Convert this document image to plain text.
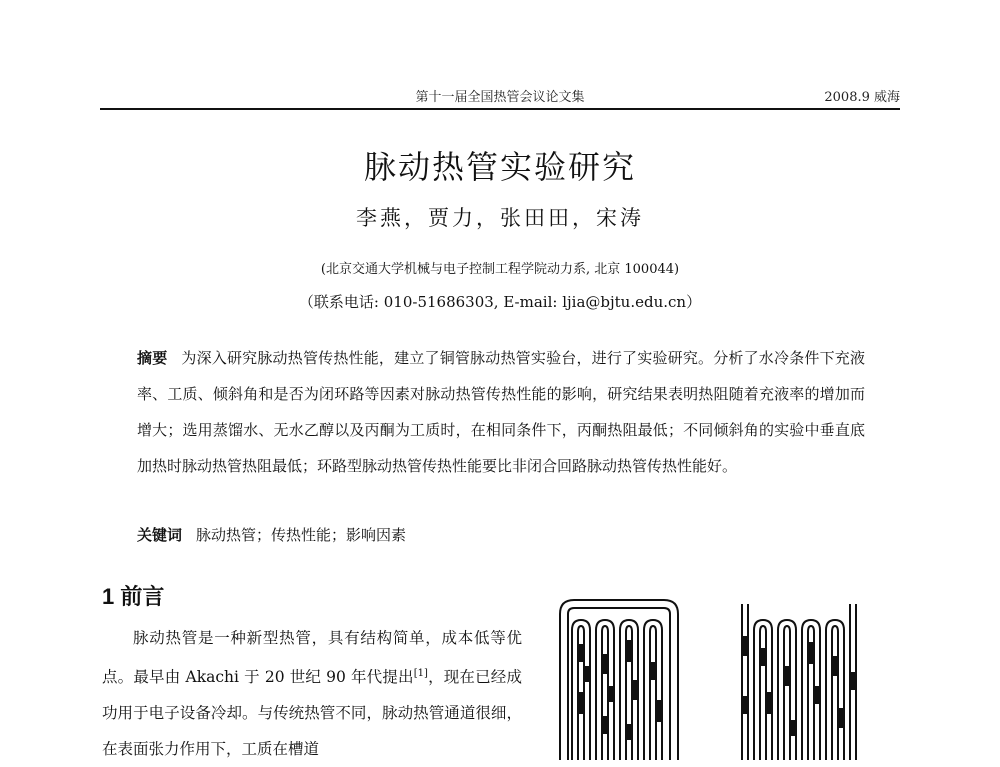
第十一届全国热管会议论文集	2008.9 威海
脉动热管实验研究
李燕，贾力，张田田，宋涛
(北京交通大学机械与电子控制工程学院动力系, 北京 100044)
（联系电话: 010-51686303, E-mail: ljia@bjtu.edu.cn）
摘要 为深入研究脉动热管传热性能，建立了铜管脉动热管实验台，进行了实验研究。分析了水冷条件下充液率、工质、倾斜角和是否为闭环路等因素对脉动热管传热性能的影响，研究结果表明热阻随着充液率的增加而增大；选用蒸馏水、无水乙醇以及丙酮为工质时，在相同条件下，丙酮热阻最低；不同倾斜角的实验中垂直底加热时脉动热管热阻最低；环路型脉动热管传热性能要比非闭合回路脉动热管传热性能好。
关键词 脉动热管；传热性能；影响因素
1 前言

脉动热管是一种新型热管，具有结构简单，成本低等优点。最早由 Akachi 于 20 世纪 90 年代提出[1]，现在已经成功用于电子设备冷却。与传统热管不同，脉动热管通道很细，在表面张力作用下，工质在槽道
